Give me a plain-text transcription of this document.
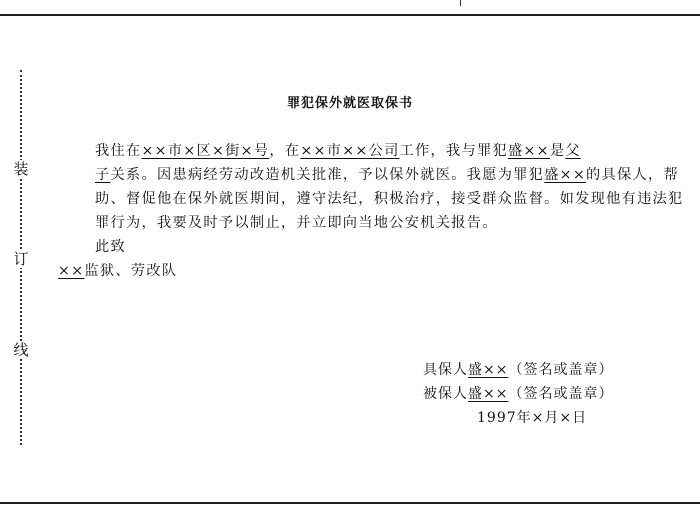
装
订
线
罪犯保外就医取保书

我住在××市×区×街×号，在××市××公司工作，我与罪犯盛××是父
子关系。因患病经劳动改造机关批准，予以保外就医。我愿为罪犯盛××的具保人，帮助、督促他在保外就医期间，遵守法纪，积极治疗，接受群众监督。如发现他有违法犯罪行为，我要及时予以制止，并立即向当地公安机关报告。

此致

××监狱、劳改队

具保人盛××（签名或盖章）
被保人盛××（签名或盖章）
1997年×月×日
